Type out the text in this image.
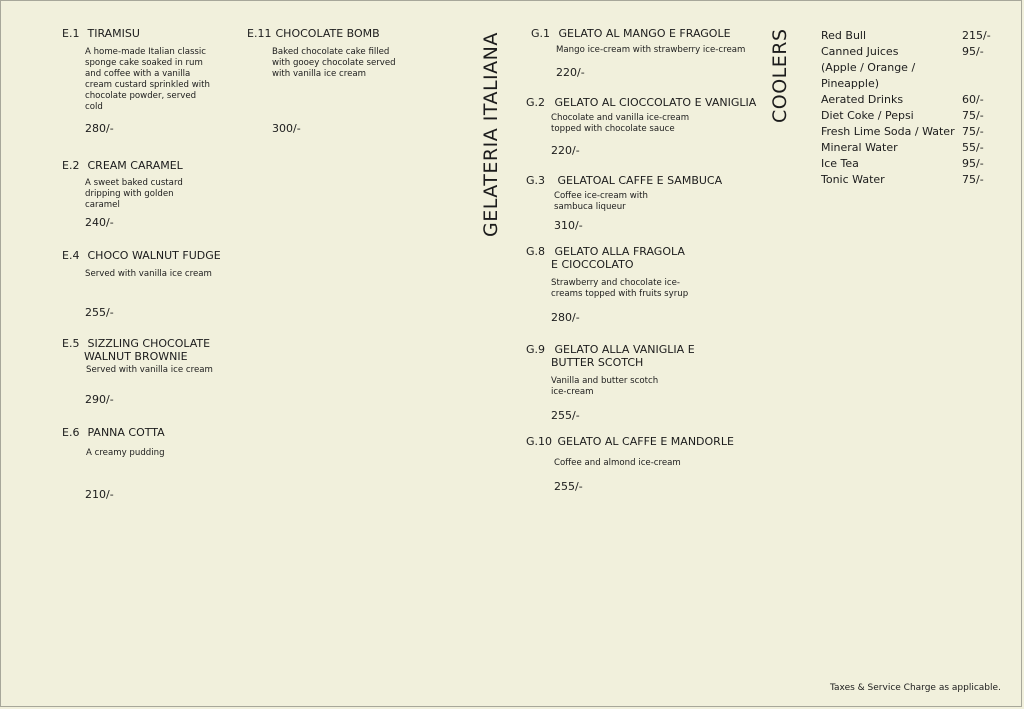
E.1 TIRAMISU
A home-made Italian classic sponge cake soaked in rum and coffee with a vanilla cream custard sprinkled with chocolate powder, served cold
280/-
E.11 CHOCOLATE BOMB
Baked chocolate cake filled with gooey chocolate served with vanilla ice cream
300/-
E.2 CREAM CARAMEL
A sweet baked custard dripping with golden caramel
240/-
E.4 CHOCO WALNUT FUDGE
Served with vanilla ice cream
255/-
E.5 SIZZLING CHOCOLATE
WALNUT BROWNIE
Served with vanilla ice cream
290/-
E.6 PANNA COTTA
A creamy pudding
210/-
GELATERIA ITALIANA	G.1 GELATO AL MANGO E FRAGOLE
Mango ice-cream with strawberry ice-cream
220/-
G.2 GELATO AL CIOCCOLATO E VANIGLIA
Chocolate and vanilla ice-cream topped with chocolate sauce
220/-
G.3 GELATOAL CAFFE E SAMBUCA
Coffee ice-cream with sambuca liqueur
310/-
G.8 GELATO ALLA FRAGOLA
E CIOCCOLATO
Strawberry and chocolate ice-creams topped with fruits syrup
280/-
G.9 GELATO ALLA VANIGLIA E
BUTTER SCOTCH
Vanilla and butter scotch ice-cream
255/-
G.10 GELATO AL CAFFE E MANDORLE
Coffee and almond ice-cream
255/-
COOLERS	Red Bull	215/-
Canned Juices	95/-
(Apple / Orange /
Pineapple)
Aerated Drinks	60/-
Diet Coke / Pepsi	75/-
Fresh Lime Soda / Water 75/-
Mineral Water	55/-
Ice Tea	95/-
Tonic Water	75/-
Taxes & Service Charge as applicable.
